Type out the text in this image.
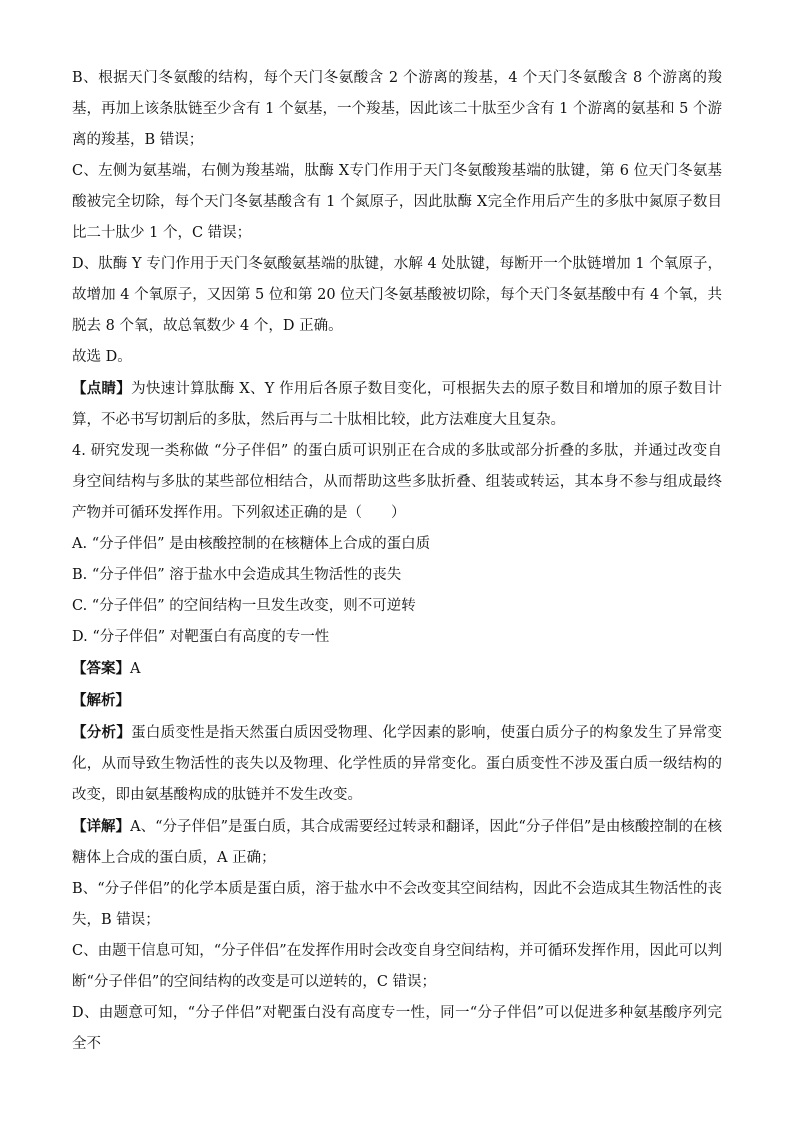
B、根据天门冬氨酸的结构，每个天门冬氨酸含 2 个游离的羧基，4 个天门冬氨酸含 8 个游离的羧基，再加上该条肽链至少含有 1 个氨基，一个羧基，因此该二十肽至少含有 1 个游离的氨基和 5 个游离的羧基，B 错误；

C、左侧为氨基端，右侧为羧基端，肽酶 X专门作用于天门冬氨酸羧基端的肽键，第 6 位天门冬氨基酸被完全切除，每个天门冬氨基酸含有 1 个氮原子，因此肽酶 X完全作用后产生的多肽中氮原子数目比二十肽少 1 个，C 错误；

D、肽酶 Y 专门作用于天门冬氨酸氨基端的肽键，水解 4 处肽键，每断开一个肽链增加 1 个氧原子，故增加 4 个氧原子，又因第 5 位和第 20 位天门冬氨基酸被切除，每个天门冬氨基酸中有 4 个氧，共脱去 8 个氧，故总氧数少 4 个，D 正确。

故选 D。

【点睛】为快速计算肽酶 X、Y 作用后各原子数目变化，可根据失去的原子数目和增加的原子数目计算，不必书写切割后的多肽，然后再与二十肽相比较，此方法难度大且复杂。

4. 研究发现一类称做 “分子伴侣” 的蛋白质可识别正在合成的多肽或部分折叠的多肽，并通过改变自身空间结构与多肽的某些部位相结合，从而帮助这些多肽折叠、组装或转运，其本身不参与组成最终产物并可循环发挥作用。下列叙述正确的是（　　）

A. “分子伴侣” 是由核酸控制的在核糖体上合成的蛋白质

B. “分子伴侣” 溶于盐水中会造成其生物活性的丧失

C. “分子伴侣” 的空间结构一旦发生改变，则不可逆转

D. “分子伴侣” 对靶蛋白有高度的专一性

【答案】A

【解析】

【分析】蛋白质变性是指天然蛋白质因受物理、化学因素的影响，使蛋白质分子的构象发生了异常变化，从而导致生物活性的丧失以及物理、化学性质的异常变化。蛋白质变性不涉及蛋白质一级结构的改变，即由氨基酸构成的肽链并不发生改变。

【详解】A、“分子伴侣”是蛋白质，其合成需要经过转录和翻译，因此“分子伴侣”是由核酸控制的在核糖体上合成的蛋白质，A 正确；

B、“分子伴侣”的化学本质是蛋白质，溶于盐水中不会改变其空间结构，因此不会造成其生物活性的丧失，B 错误；

C、由题干信息可知，“分子伴侣”在发挥作用时会改变自身空间结构，并可循环发挥作用，因此可以判断“分子伴侣”的空间结构的改变是可以逆转的，C 错误；

D、由题意可知，“分子伴侣”对靶蛋白没有高度专一性，同一“分子伴侣”可以促进多种氨基酸序列完全不
